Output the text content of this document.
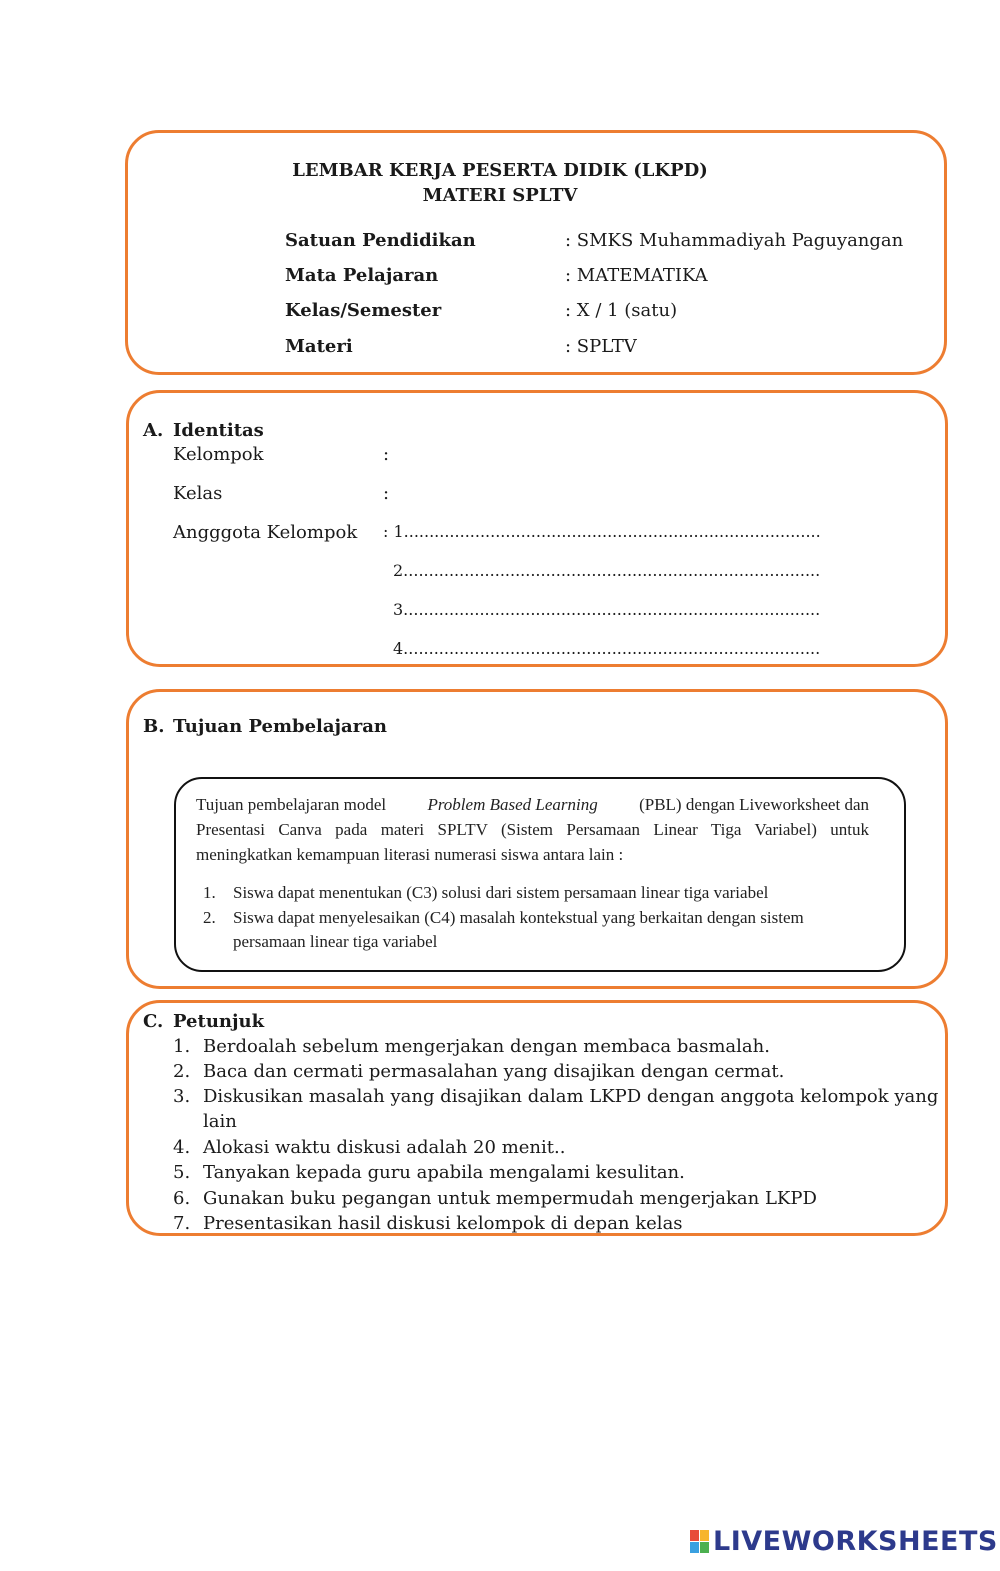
LEMBAR KERJA PESERTA DIDIK (LKPD)
MATERI SPLTV
Satuan Pendidikan	: SMKS Muhammadiyah Paguyangan
Mata Pelajaran	: MATEMATIKA
Kelas/Semester	: X / 1 (satu)
Materi	: SPLTV
A. Identitas
Kelompok	:
Kelas	:
Angggota Kelompok : 1..................................................................................
2..................................................................................
3..................................................................................
4..................................................................................
B. Tujuan Pembelajaran
Tujuan pembelajaran model Problem Based Learning (PBL) dengan Liveworksheet dan
Presentasi Canva pada materi SPLTV (Sistem Persamaan Linear Tiga Variabel) untuk
meningkatkan kemampuan literasi numerasi siswa antara lain :
1. Siswa dapat menentukan (C3) solusi dari sistem persamaan linear tiga variabel
2. Siswa dapat menyelesaikan (C4) masalah kontekstual yang berkaitan dengan sistem
persamaan linear tiga variabel
C. Petunjuk
1. Berdoalah sebelum mengerjakan dengan membaca basmalah.
2. Baca dan cermati permasalahan yang disajikan dengan cermat.
3. Diskusikan masalah yang disajikan dalam LKPD dengan anggota kelompok yang
lain
4. Alokasi waktu diskusi adalah 20 menit..
5. Tanyakan kepada guru apabila mengalami kesulitan.
6. Gunakan buku pegangan untuk mempermudah mengerjakan LKPD
7. Presentasikan hasil diskusi kelompok di depan kelas
LIVEWORKSHEETS
